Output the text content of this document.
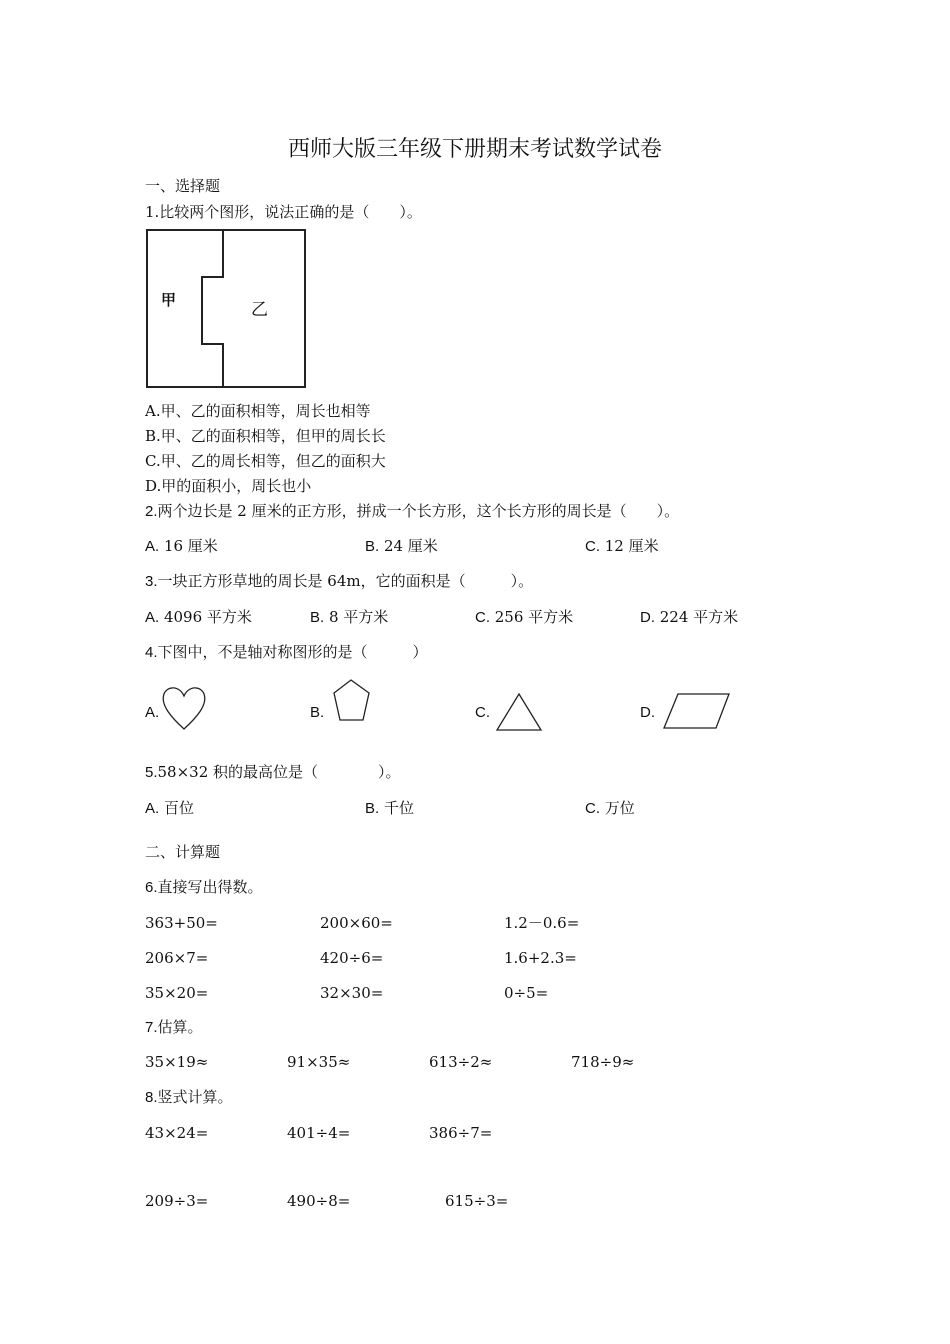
西师大版三年级下册期末考试数学试卷
一、选择题
1.比较两个图形，说法正确的是（　　）。
甲	乙
A.甲、乙的面积相等，周长也相等
B.甲、乙的面积相等，但甲的周长长
C.甲、乙的周长相等，但乙的面积大
D.甲的面积小，周长也小
2.两个边长是 2 厘米的正方形，拼成一个长方形，这个长方形的周长是（　　）。
A. 16 厘米	B. 24 厘米	C. 12 厘米
3.一块正方形草地的周长是 64m，它的面积是（　　　）。
A. 4096 平方米	B. 8 平方米	C. 256 平方米	D. 224 平方米
4.下图中，不是轴对称图形的是（　　　）
A.	B.	C.	D.
5.58×32 积的最高位是（　　　　）。
A. 百位	B. 千位	C. 万位
二、计算题
6.直接写出得数。
363+50=	200×60=	1.2－0.6=
206×7=	420÷6=	1.6+2.3=
35×20=	32×30=	0÷5=
7.估算。
35×19≈	91×35≈	613÷2≈	718÷9≈
8.竖式计算。
43×24=	401÷4=	386÷7=
209÷3=	490÷8=	615÷3=
